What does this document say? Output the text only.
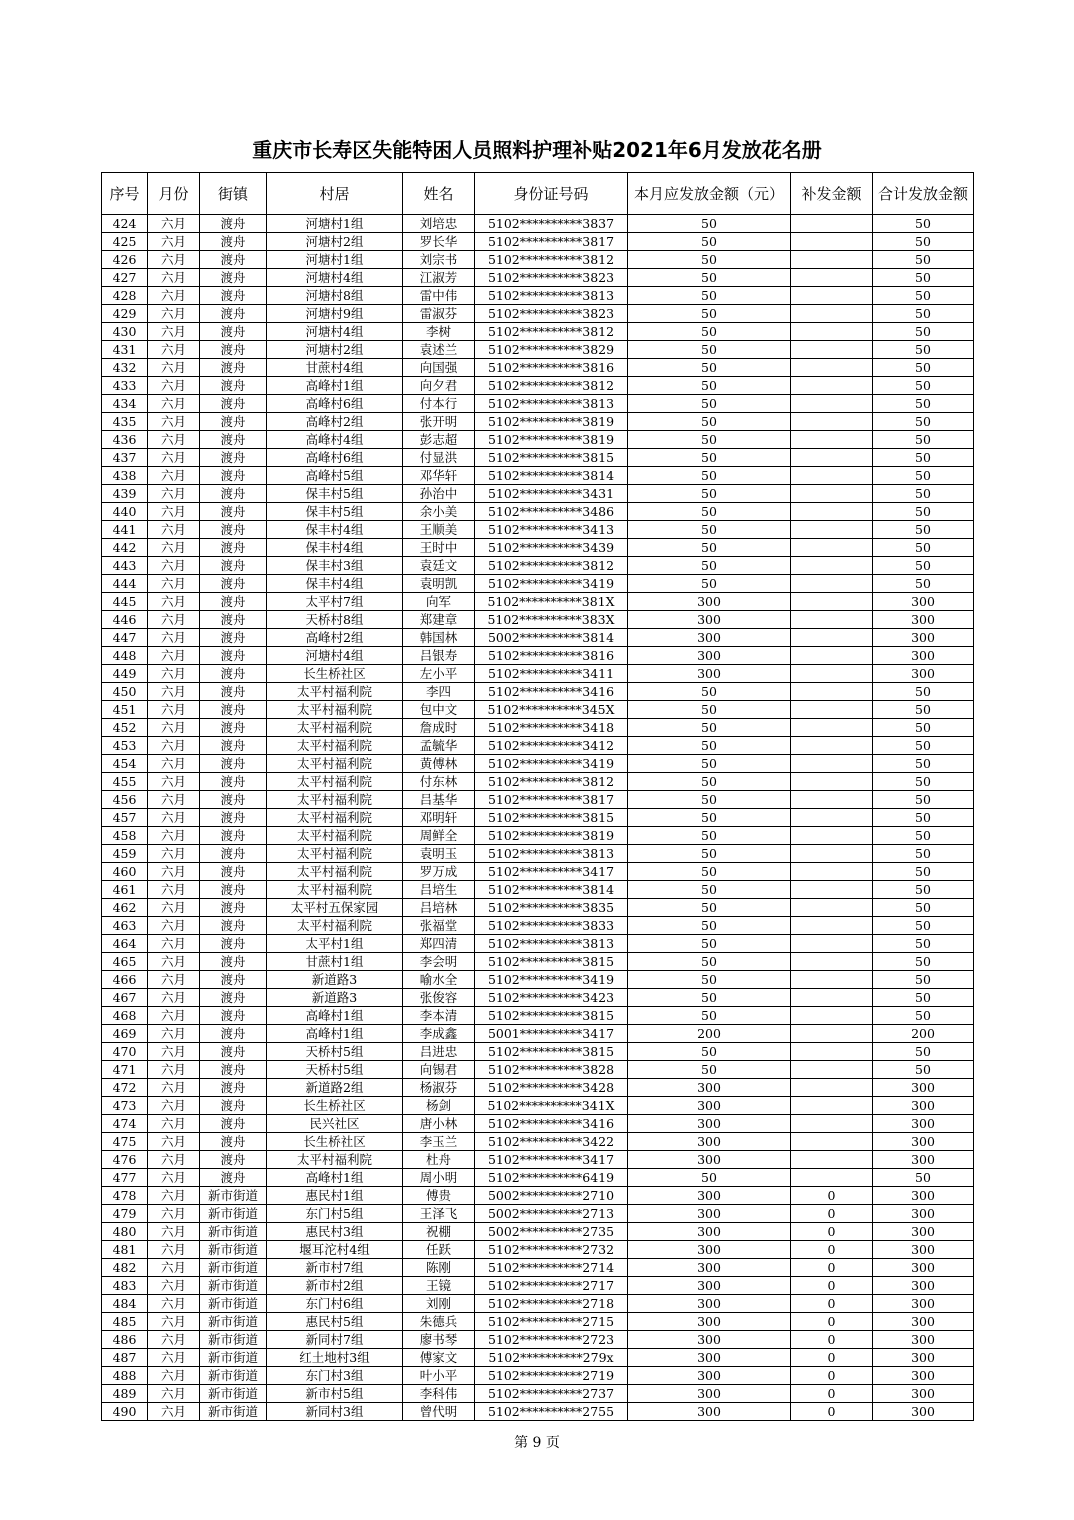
重庆市长寿区失能特困人员照料护理补贴2021年6月发放花名册
序号	月份	街镇	村居	姓名	身份证号码	本月应发放金额（元）	补发金额	合计发放金额
424	六月	渡舟	河塘村1组	刘培忠	5102**********3837	50		50
425	六月	渡舟	河塘村2组	罗长华	5102**********3817	50		50
426	六月	渡舟	河塘村1组	刘宗书	5102**********3812	50		50
427	六月	渡舟	河塘村4组	江淑芳	5102**********3823	50		50
428	六月	渡舟	河塘村8组	雷中伟	5102**********3813	50		50
429	六月	渡舟	河塘村9组	雷淑芬	5102**********3823	50		50
430	六月	渡舟	河塘村4组	李树	5102**********3812	50		50
431	六月	渡舟	河塘村2组	袁述兰	5102**********3829	50		50
432	六月	渡舟	甘蔗村4组	向国强	5102**********3816	50		50
433	六月	渡舟	高峰村1组	向夕君	5102**********3812	50		50
434	六月	渡舟	高峰村6组	付本行	5102**********3813	50		50
435	六月	渡舟	高峰村2组	张开明	5102**********3819	50		50
436	六月	渡舟	高峰村4组	彭志超	5102**********3819	50		50
437	六月	渡舟	高峰村6组	付显洪	5102**********3815	50		50
438	六月	渡舟	高峰村5组	邓华轩	5102**********3814	50		50
439	六月	渡舟	保丰村5组	孙治中	5102**********3431	50		50
440	六月	渡舟	保丰村5组	余小美	5102**********3486	50		50
441	六月	渡舟	保丰村4组	王顺美	5102**********3413	50		50
442	六月	渡舟	保丰村4组	王时中	5102**********3439	50		50
443	六月	渡舟	保丰村3组	袁廷文	5102**********3812	50		50
444	六月	渡舟	保丰村4组	袁明凯	5102**********3419	50		50
445	六月	渡舟	太平村7组	向军	5102**********381X	300		300
446	六月	渡舟	天桥村8组	郑建章	5102**********383X	300		300
447	六月	渡舟	高峰村2组	韩国林	5002**********3814	300		300
448	六月	渡舟	河塘村4组	吕银寿	5102**********3816	300		300
449	六月	渡舟	长生桥社区	左小平	5102**********3411	300		300
450	六月	渡舟	太平村福利院	李四	5102**********3416	50		50
451	六月	渡舟	太平村福利院	包中文	5102**********345X	50		50
452	六月	渡舟	太平村福利院	詹成时	5102**********3418	50		50
453	六月	渡舟	太平村福利院	孟毓华	5102**********3412	50		50
454	六月	渡舟	太平村福利院	黄傅林	5102**********3419	50		50
455	六月	渡舟	太平村福利院	付东林	5102**********3812	50		50
456	六月	渡舟	太平村福利院	吕基华	5102**********3817	50		50
457	六月	渡舟	太平村福利院	邓明轩	5102**********3815	50		50
458	六月	渡舟	太平村福利院	周鲜全	5102**********3819	50		50
459	六月	渡舟	太平村福利院	袁明玉	5102**********3813	50		50
460	六月	渡舟	太平村福利院	罗万成	5102**********3417	50		50
461	六月	渡舟	太平村福利院	吕培生	5102**********3814	50		50
462	六月	渡舟	太平村五保家园	吕培林	5102**********3835	50		50
463	六月	渡舟	太平村福利院	张福堂	5102**********3833	50		50
464	六月	渡舟	太平村1组	郑四清	5102**********3813	50		50
465	六月	渡舟	甘蔗村1组	李会明	5102**********3815	50		50
466	六月	渡舟	新道路3	喻水全	5102**********3419	50		50
467	六月	渡舟	新道路3	张俊容	5102**********3423	50		50
468	六月	渡舟	高峰村1组	李本清	5102**********3815	50		50
469	六月	渡舟	高峰村1组	李成鑫	5001**********3417	200		200
470	六月	渡舟	天桥村5组	吕进忠	5102**********3815	50		50
471	六月	渡舟	天桥村5组	向锡君	5102**********3828	50		50
472	六月	渡舟	新道路2组	杨淑芬	5102**********3428	300		300
473	六月	渡舟	长生桥社区	杨剑	5102**********341X	300		300
474	六月	渡舟	民兴社区	唐小林	5102**********3416	300		300
475	六月	渡舟	长生桥社区	李玉兰	5102**********3422	300		300
476	六月	渡舟	太平村福利院	杜舟	5102**********3417	300		300
477	六月	渡舟	高峰村1组	周小明	5102**********6419	50		50
478	六月	新市街道	惠民村1组	傅贵	5002**********2710	300	0	300
479	六月	新市街道	东门村5组	王泽飞	5002**********2713	300	0	300
480	六月	新市街道	惠民村3组	祝棚	5002**********2735	300	0	300
481	六月	新市街道	堰耳沱村4组	任跃	5102**********2732	300	0	300
482	六月	新市街道	新市村7组	陈刚	5102**********2714	300	0	300
483	六月	新市街道	新市村2组	王镜	5102**********2717	300	0	300
484	六月	新市街道	东门村6组	刘刚	5102**********2718	300	0	300
485	六月	新市街道	惠民村5组	朱德兵	5102**********2715	300	0	300
486	六月	新市街道	新同村7组	廖书琴	5102**********2723	300	0	300
487	六月	新市街道	红土地村3组	傅家文	5102**********279x	300	0	300
488	六月	新市街道	东门村3组	叶小平	5102**********2719	300	0	300
489	六月	新市街道	新市村5组	李科伟	5102**********2737	300	0	300
490	六月	新市街道	新同村3组	曾代明	5102**********2755	300	0	300
第 9 页
